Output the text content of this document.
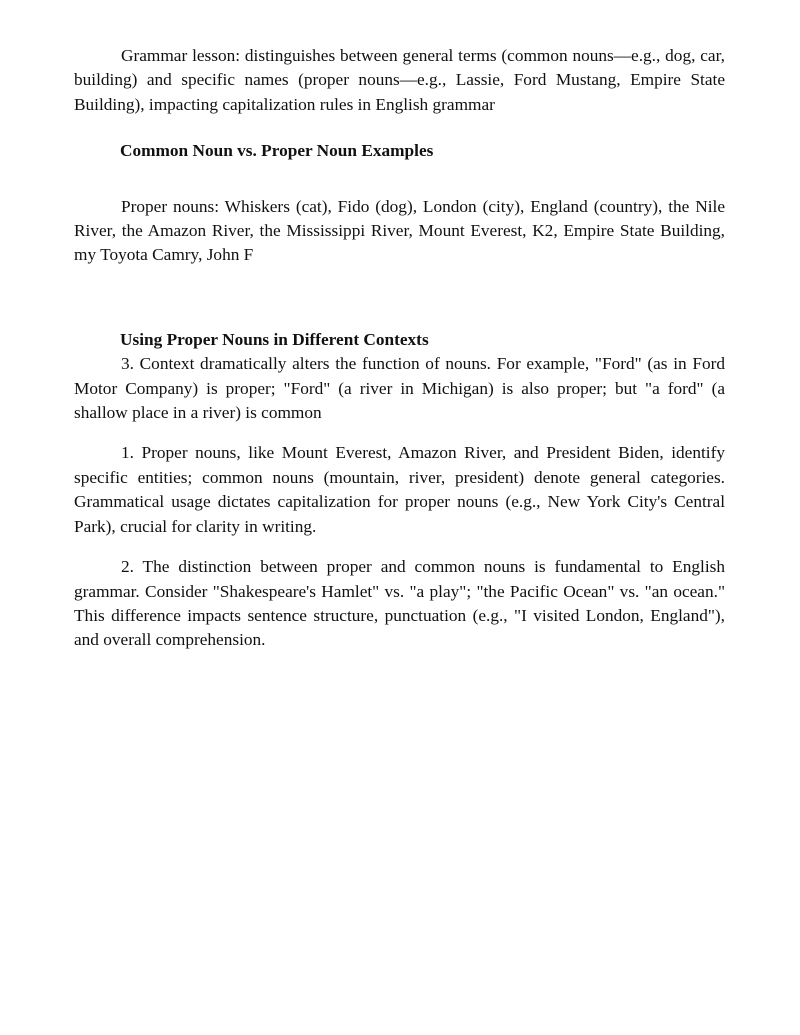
Grammar lesson: distinguishes between general terms (common nouns—e.g., dog, car, building) and specific names (proper nouns—e.g., Lassie, Ford Mustang, Empire State Building), impacting capitalization rules in English grammar

Common Noun vs. Proper Noun Examples

Proper nouns: Whiskers (cat), Fido (dog), London (city), England (country), the Nile River, the Amazon River, the Mississippi River, Mount Everest, K2, Empire State Building, my Toyota Camry, John F

Using Proper Nouns in Different Contexts

3. Context dramatically alters the function of nouns. For example, "Ford" (as in Ford Motor Company) is proper; "Ford" (a river in Michigan) is also proper; but "a ford" (a shallow place in a river) is common

1. Proper nouns, like Mount Everest, Amazon River, and President Biden, identify specific entities; common nouns (mountain, river, president) denote general categories. Grammatical usage dictates capitalization for proper nouns (e.g., New York City's Central Park), crucial for clarity in writing.

2. The distinction between proper and common nouns is fundamental to English grammar. Consider "Shakespeare's Hamlet" vs. "a play"; "the Pacific Ocean" vs. "an ocean." This difference impacts sentence structure, punctuation (e.g., "I visited London, England"), and overall comprehension.
